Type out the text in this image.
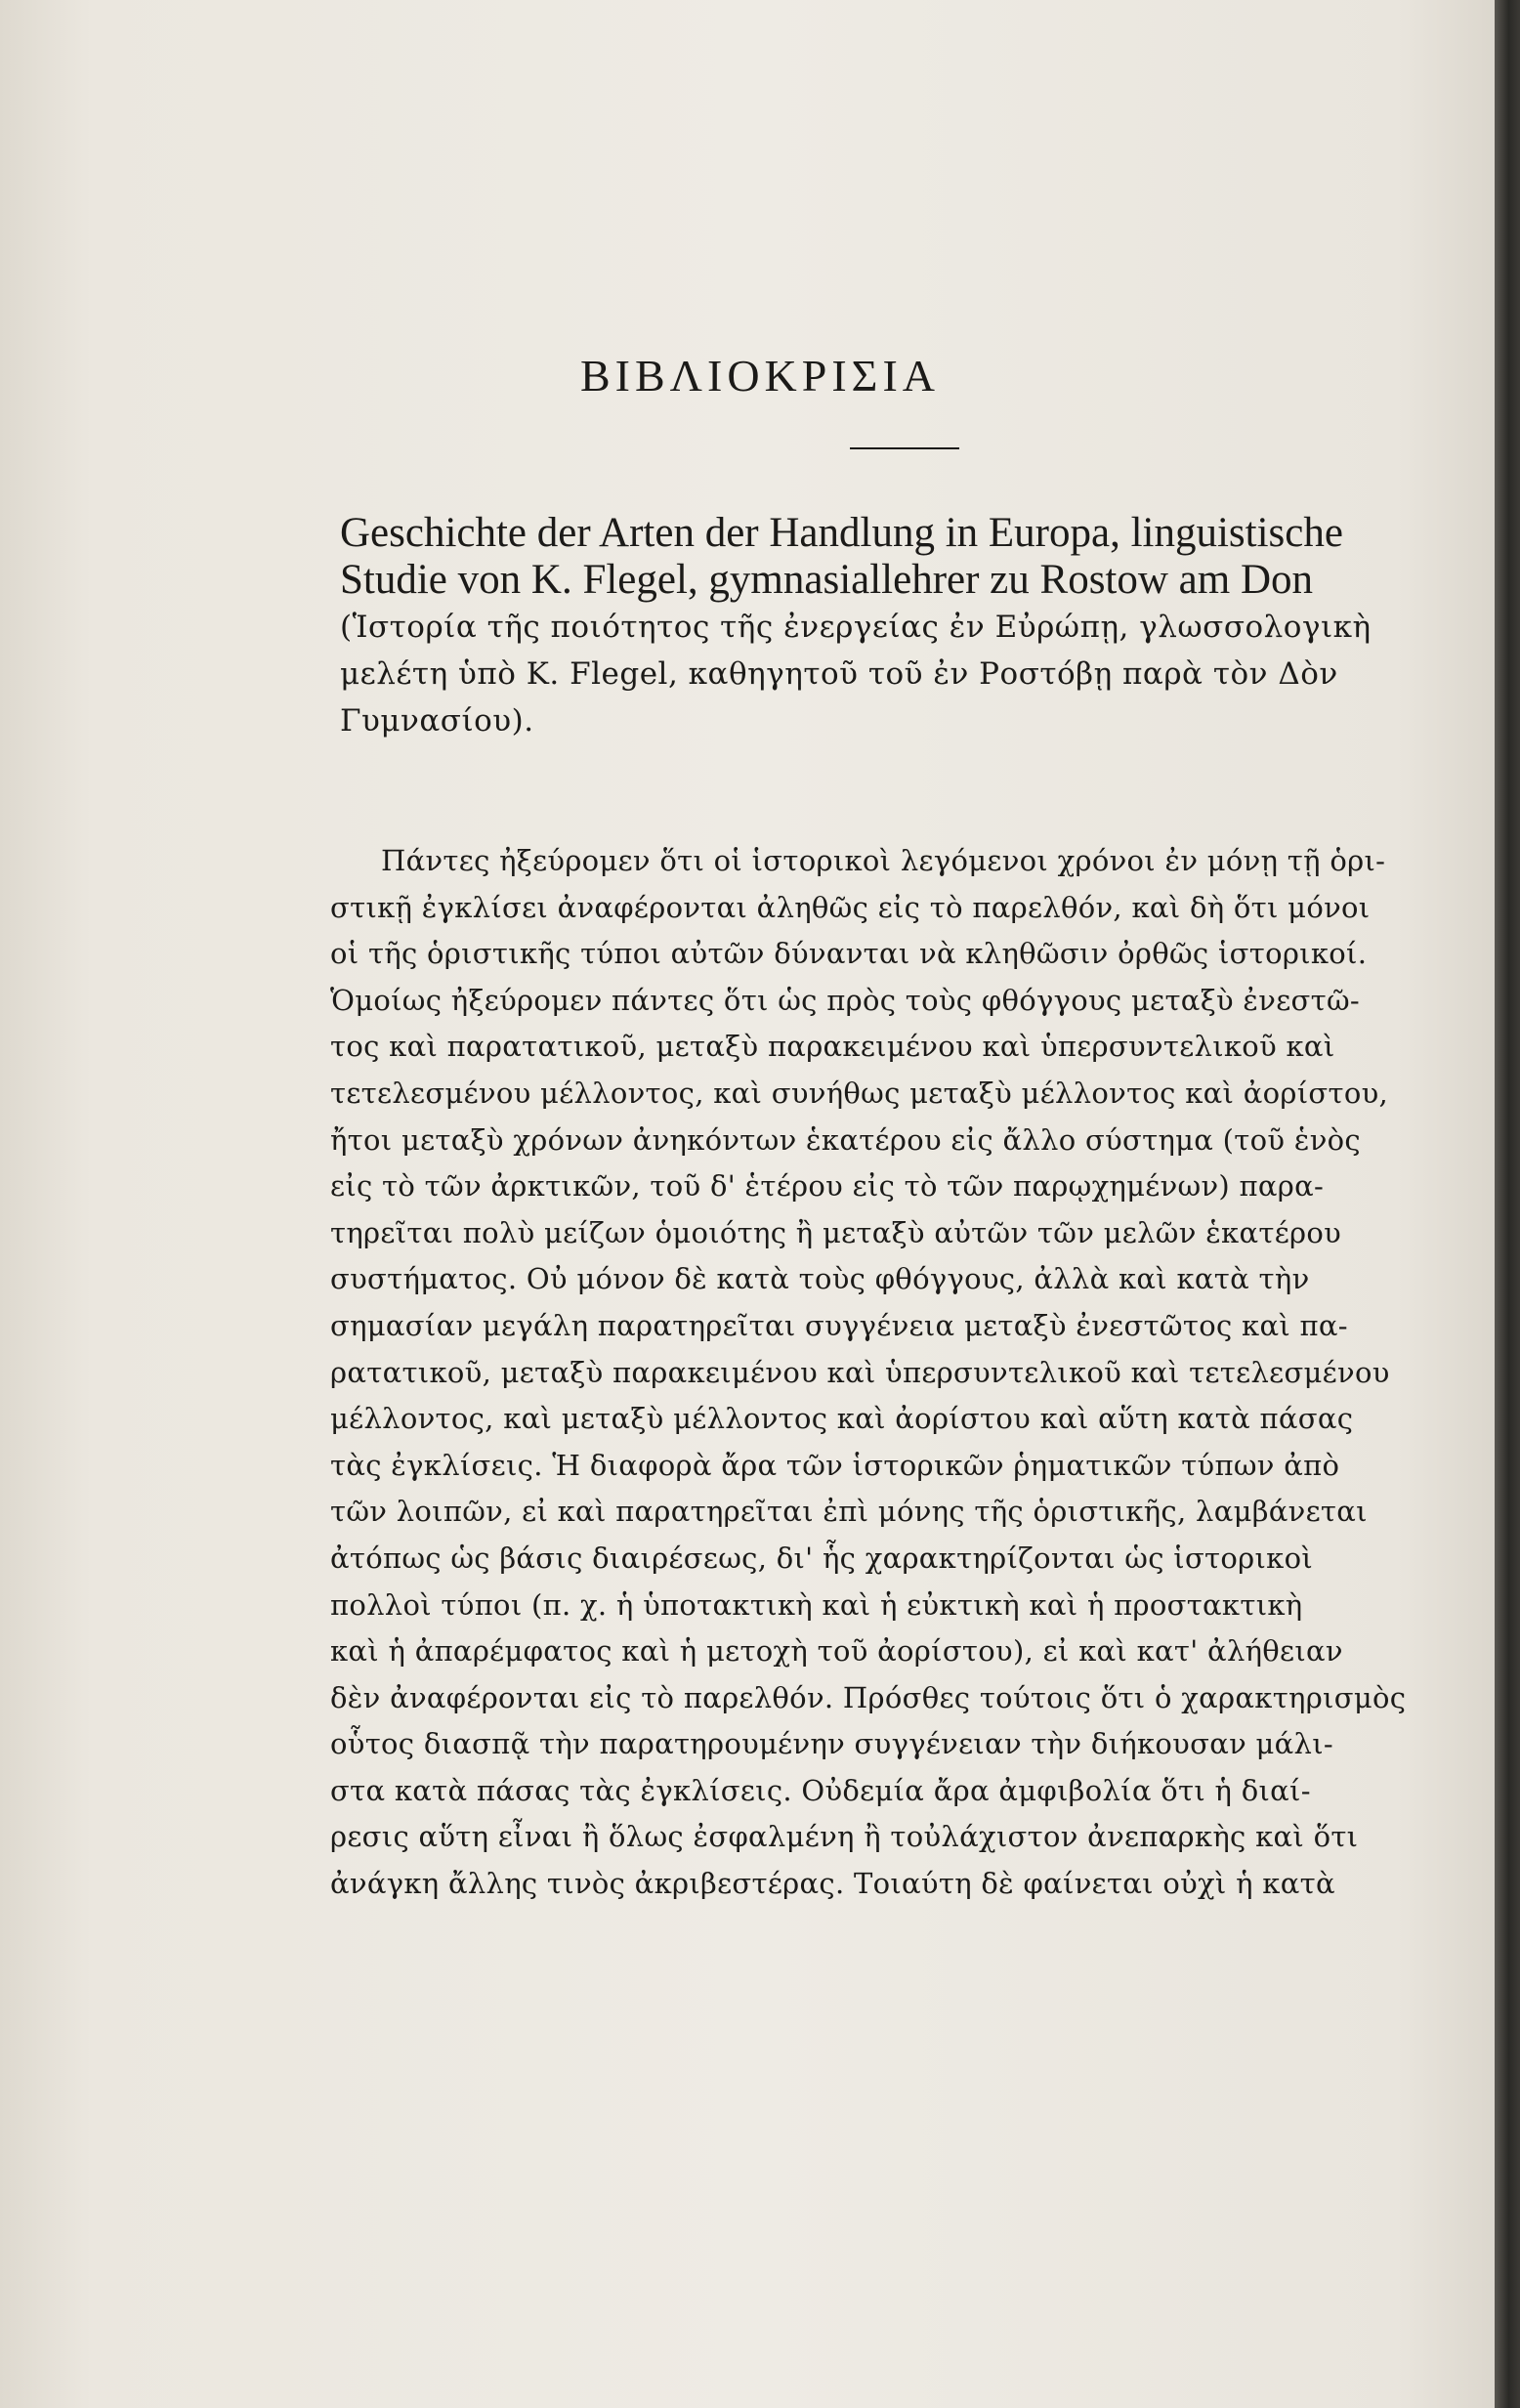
ΒΙΒΛΙΟΚΡΙΣΙΑ
Geschichte der Arten der Handlung in Europa, linguistische
Studie von K. Flegel, gymnasiallehrer zu Rostow am Don
(Ἱστορία τῆς ποιότητος τῆς ἐνεργείας ἐν Εὐρώπῃ, γλωσσολογικὴ
μελέτη ὑπὸ K. Flegel, καθηγητοῦ τοῦ ἐν Ροστόβῃ παρὰ τὸν Δὸν
Γυμνασίου).
Πάντες ἠξεύρομεν ὅτι οἱ ἱστορικοὶ λεγόμενοι χρόνοι ἐν μόνῃ τῇ ὁρι-
στικῇ ἐγκλίσει ἀναφέρονται ἀληθῶς εἰς τὸ παρελθόν, καὶ δὴ ὅτι μόνοι
οἱ τῆς ὁριστικῆς τύποι αὐτῶν δύνανται νὰ κληθῶσιν ὀρθῶς ἱστορικοί.
Ὁμοίως ἠξεύρομεν πάντες ὅτι ὡς πρὸς τοὺς φθόγγους μεταξὺ ἐνεστῶ-
τος καὶ παρατατικοῦ, μεταξὺ παρακειμένου καὶ ὑπερσυντελικοῦ καὶ
τετελεσμένου μέλλοντος, καὶ συνήθως μεταξὺ μέλλοντος καὶ ἀορίστου,
ἤτοι μεταξὺ χρόνων ἀνηκόντων ἑκατέρου εἰς ἄλλο σύστημα (τοῦ ἑνὸς
εἰς τὸ τῶν ἀρκτικῶν, τοῦ δ' ἑτέρου εἰς τὸ τῶν παρῳχημένων) παρα-
τηρεῖται πολὺ μείζων ὁμοιότης ἢ μεταξὺ αὐτῶν τῶν μελῶν ἑκατέρου
συστήματος. Οὐ μόνον δὲ κατὰ τοὺς φθόγγους, ἀλλὰ καὶ κατὰ τὴν
σημασίαν μεγάλη παρατηρεῖται συγγένεια μεταξὺ ἐνεστῶτος καὶ πα-
ρατατικοῦ, μεταξὺ παρακειμένου καὶ ὑπερσυντελικοῦ καὶ τετελεσμένου
μέλλοντος, καὶ μεταξὺ μέλλοντος καὶ ἀορίστου καὶ αὕτη κατὰ πάσας
τὰς ἐγκλίσεις. Ἡ διαφορὰ ἄρα τῶν ἱστορικῶν ῥηματικῶν τύπων ἀπὸ
τῶν λοιπῶν, εἰ καὶ παρατηρεῖται ἐπὶ μόνης τῆς ὁριστικῆς, λαμβάνεται
ἀτόπως ὡς βάσις διαιρέσεως, δι' ἧς χαρακτηρίζονται ὡς ἱστορικοὶ
πολλοὶ τύποι (π. χ. ἡ ὑποτακτικὴ καὶ ἡ εὐκτικὴ καὶ ἡ προστακτικὴ
καὶ ἡ ἀπαρέμφατος καὶ ἡ μετοχὴ τοῦ ἀορίστου), εἰ καὶ κατ' ἀλήθειαν
δὲν ἀναφέρονται εἰς τὸ παρελθόν. Πρόσθες τούτοις ὅτι ὁ χαρακτηρισμὸς
οὗτος διασπᾷ τὴν παρατηρουμένην συγγένειαν τὴν διήκουσαν μάλι-
στα κατὰ πάσας τὰς ἐγκλίσεις. Οὐδεμία ἄρα ἀμφιβολία ὅτι ἡ διαί-
ρεσις αὕτη εἶναι ἢ ὅλως ἐσφαλμένη ἢ τοὐλάχιστον ἀνεπαρκὴς καὶ ὅτι
ἀνάγκη ἄλλης τινὸς ἀκριβεστέρας. Τοιαύτη δὲ φαίνεται οὐχὶ ἡ κατὰ
